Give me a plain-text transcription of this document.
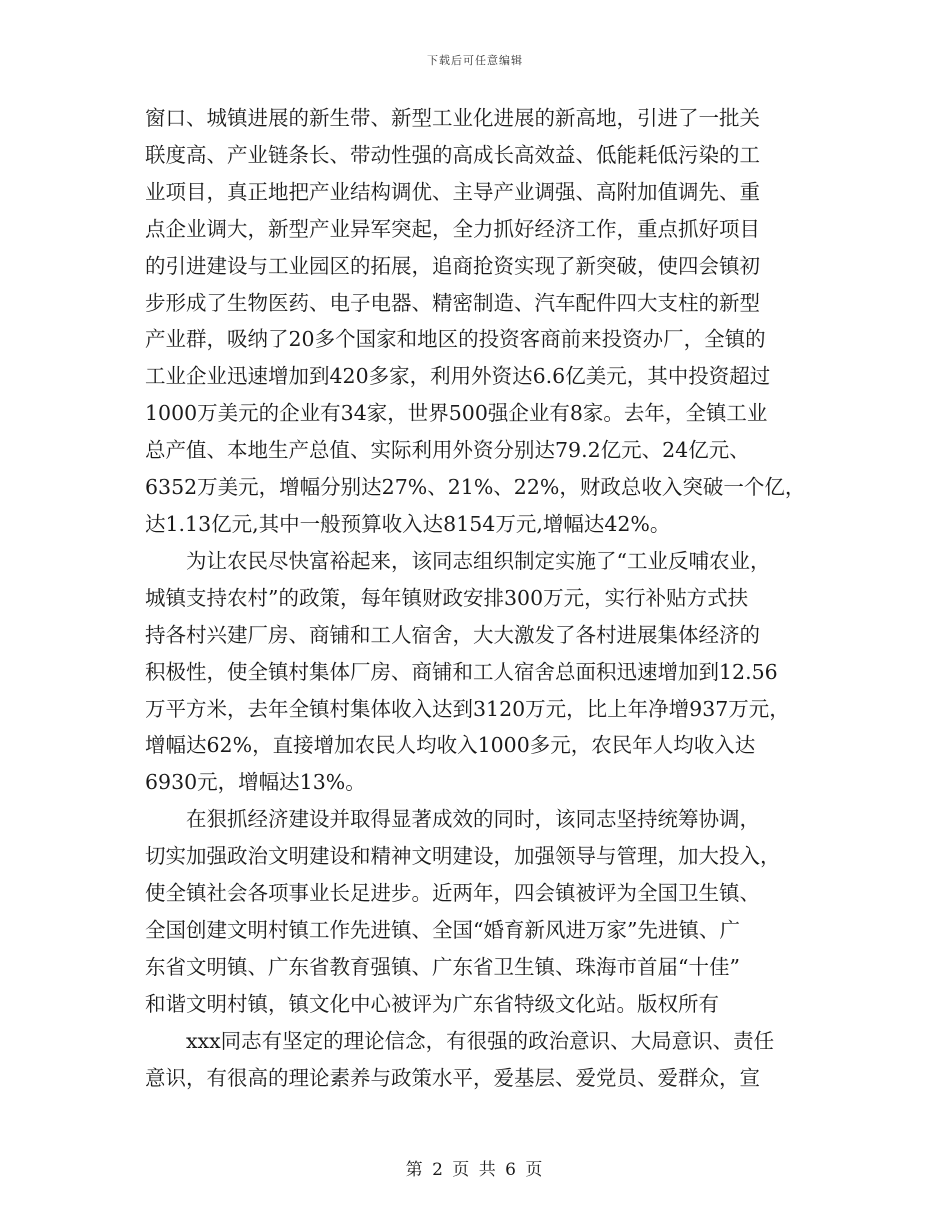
下载后可任意编辑

窗口、城镇进展的新生带、新型工业化进展的新高地，引进了一批关
联度高、产业链条长、带动性强的高成长高效益、低能耗低污染的工
业项目，真正地把产业结构调优、主导产业调强、高附加值调先、重
点企业调大，新型产业异军突起，全力抓好经济工作，重点抓好项目
的引进建设与工业园区的拓展，追商抢资实现了新突破，使四会镇初
步形成了生物医药、电子电器、精密制造、汽车配件四大支柱的新型
产业群，吸纳了20多个国家和地区的投资客商前来投资办厂，全镇的
工业企业迅速增加到420多家，利用外资达6.6亿美元，其中投资超过
1000万美元的企业有34家，世界500强企业有8家。去年，全镇工业
总产值、本地生产总值、实际利用外资分别达79.2亿元、24亿元、
6352万美元，增幅分别达27%、21%、22%，财政总收入突破一个亿，
达1.13亿元,其中一般预算收入达8154万元,增幅达42%。

为让农民尽快富裕起来，该同志组织制定实施了“工业反哺农业，
城镇支持农村”的政策，每年镇财政安排300万元，实行补贴方式扶
持各村兴建厂房、商铺和工人宿舍，大大激发了各村进展集体经济的
积极性，使全镇村集体厂房、商铺和工人宿舍总面积迅速增加到12.56
万平方米，去年全镇村集体收入达到3120万元，比上年净增937万元，
增幅达62%，直接增加农民人均收入1000多元，农民年人均收入达
6930元，增幅达13%。

在狠抓经济建设并取得显著成效的同时，该同志坚持统筹协调，
切实加强政治文明建设和精神文明建设，加强领导与管理，加大投入，
使全镇社会各项事业长足进步。近两年，四会镇被评为全国卫生镇、
全国创建文明村镇工作先进镇、全国“婚育新风进万家”先进镇、广
东省文明镇、广东省教育强镇、广东省卫生镇、珠海市首届“十佳”
和谐文明村镇，镇文化中心被评为广东省特级文化站。版权所有

xxx同志有坚定的理论信念，有很强的政治意识、大局意识、责任
意识，有很高的理论素养与政策水平，爱基层、爱党员、爱群众，宣

第 2 页 共 6 页
